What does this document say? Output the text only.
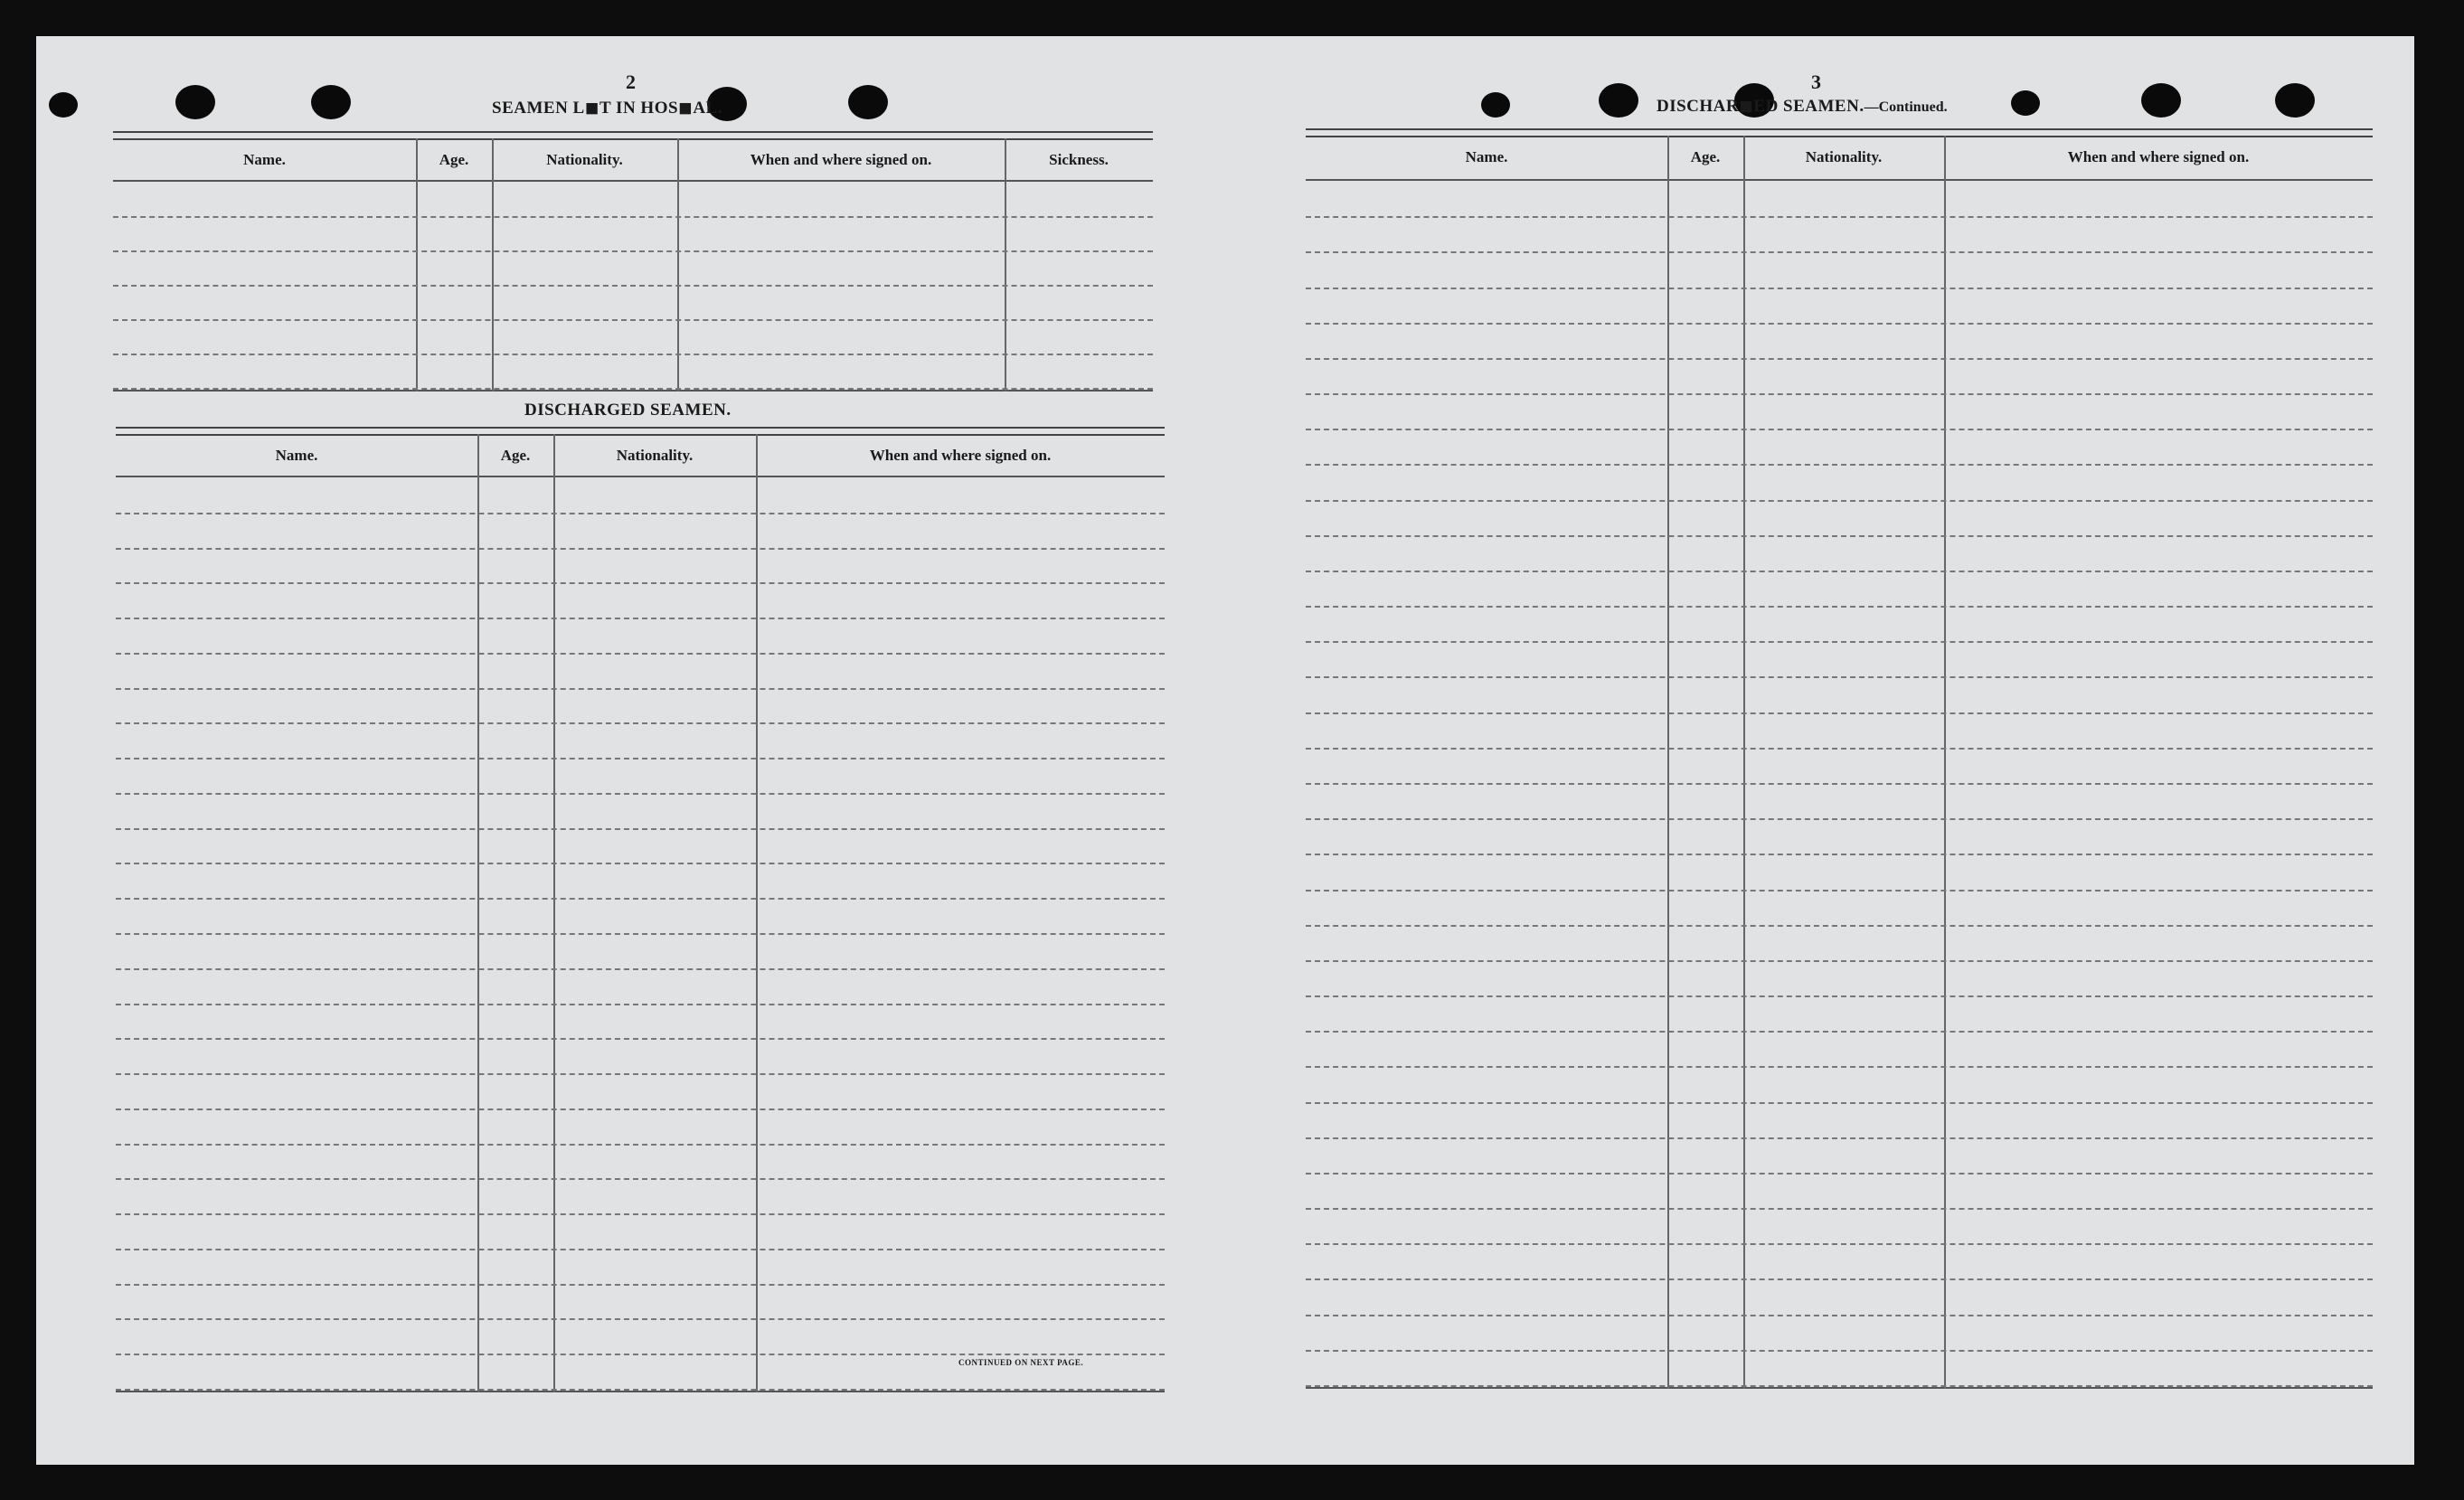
2
SEAMEN L◼T IN HOS◼AL.
Name.	Age.	Nationality.	When and where signed on.	Sickness.
DISCHARGED SEAMEN.
Name.	Age.	Nationality.	When and where signed on.
CONTINUED ON NEXT PAGE.
3
DISCHAR◼ED SEAMEN.—Continued.
Name.	Age.	Nationality.	When and where signed on.
